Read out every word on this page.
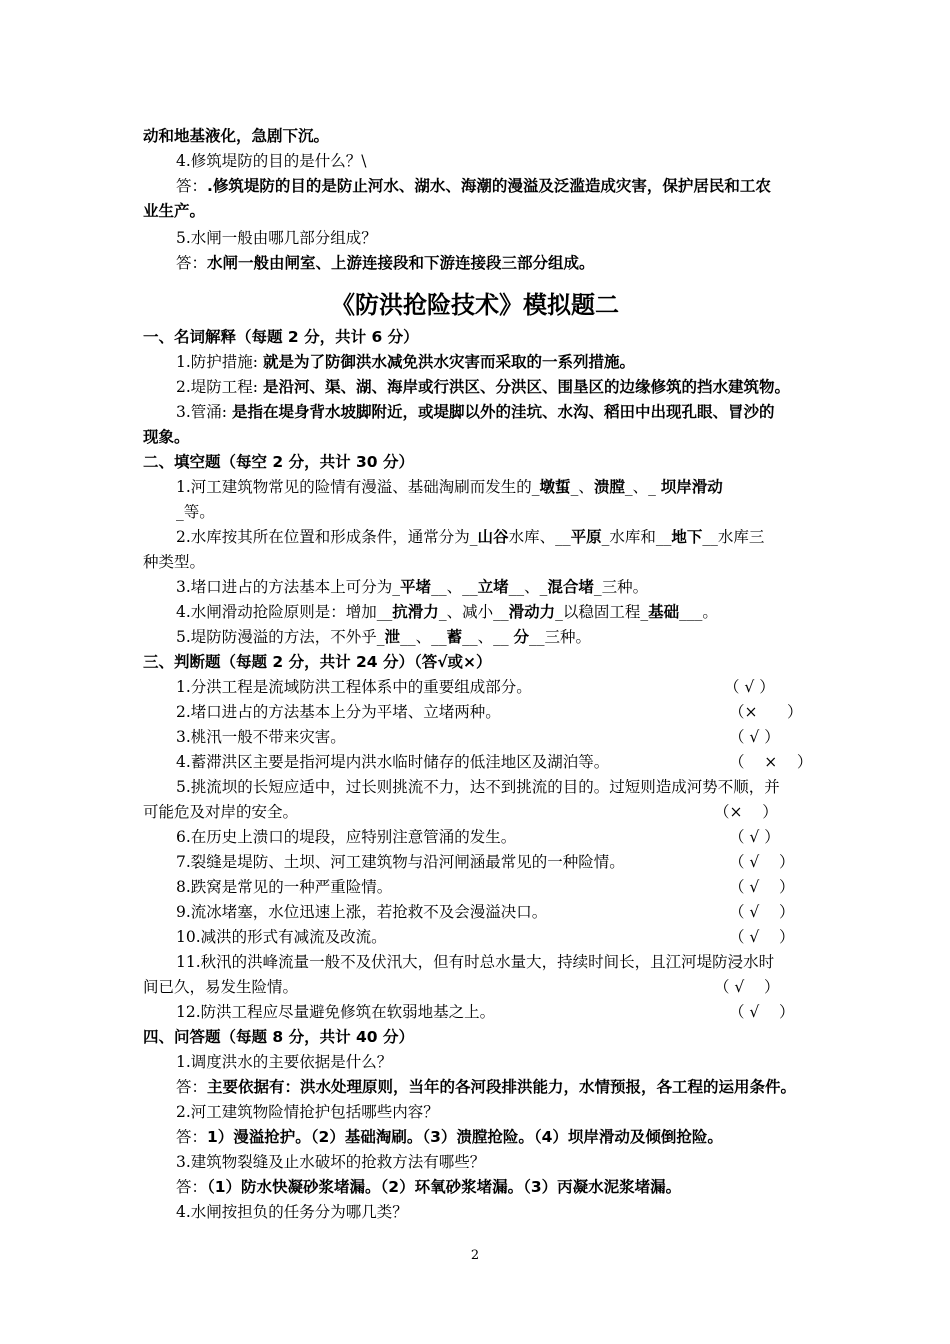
动和地基液化，急剧下沉。
4.修筑堤防的目的是什么？\
答：.修筑堤防的目的是防止河水、湖水、海潮的漫溢及泛滥造成灾害，保护居民和工农
业生产。
5.水闸一般由哪几部分组成？
答：水闸一般由闸室、上游连接段和下游连接段三部分组成。
《防洪抢险技术》模拟题二
一、名词解释（每题 2 分，共计 6 分）
1.防护措施: 就是为了防御洪水减免洪水灾害而采取的一系列措施。
2.堤防工程: 是沿河、渠、湖、海岸或行洪区、分洪区、围垦区的边缘修筑的挡水建筑物。
3.管涌: 是指在堤身背水坡脚附近，或堤脚以外的洼坑、水沟、稻田中出现孔眼、冒沙的
现象。
二、填空题（每空 2 分，共计 30 分）
1.河工建筑物常见的险情有漫溢、基础淘刷而发生的_墩蜇_、溃膛_、_ 坝岸滑动
_等。
2.水库按其所在位置和形成条件，通常分为_山谷水库、__平原_水库和__地下__水库三
种类型。
3.堵口进占的方法基本上可分为_平堵__、__立堵__、_混合堵_三种。
4.水闸滑动抢险原则是：增加__抗滑力_、减小__滑动力_以稳固工程_基础___。
5.堤防防漫溢的方法，不外乎_泄__、__蓄__、__ 分__三种。
三、判断题（每题 2 分，共计 24 分）（答√或×）
1.分洪工程是流域防洪工程体系中的重要组成部分。	（ √ ）
2.堵口进占的方法基本上分为平堵、立堵两种。	（×      ）
3.桃汛一般不带来灾害。	（ √ ）
4.蓄滞洪区主要是指河堤内洪水临时储存的低洼地区及湖泊等。	（    ×    ）
5.挑流坝的长短应适中，过长则挑流不力，达不到挑流的目的。过短则造成河势不顺，并
可能危及对岸的安全。	（×    ）
6.在历史上溃口的堤段，应特别注意管涌的发生。	（ √ ）
7.裂缝是堤防、土坝、河工建筑物与沿河闸涵最常见的一种险情。	（ √    ）
8.跌窝是常见的一种严重险情。	（ √    ）
9.流冰堵塞，水位迅速上涨，若抢救不及会漫溢决口。	（ √    ）
10.减洪的形式有减流及改流。	（ √    ）
11.秋汛的洪峰流量一般不及伏汛大，但有时总水量大，持续时间长，且江河堤防浸水时
间已久，易发生险情。	（ √    ）
12.防洪工程应尽量避免修筑在软弱地基之上。	（ √    ）
四、问答题（每题 8 分，共计 40 分）
1.调度洪水的主要依据是什么？
答：主要依据有：洪水处理原则，当年的各河段排洪能力，水情预报，各工程的运用条件。
2.河工建筑物险情抢护包括哪些内容？
答：1）漫溢抢护。（2）基础淘刷。（3）溃膛抢险。（4）坝岸滑动及倾倒抢险。
3.建筑物裂缝及止水破坏的抢救方法有哪些？
答：（1）防水快凝砂浆堵漏。（2）环氧砂浆堵漏。（3）丙凝水泥浆堵漏。
4.水闸按担负的任务分为哪几类？
2
